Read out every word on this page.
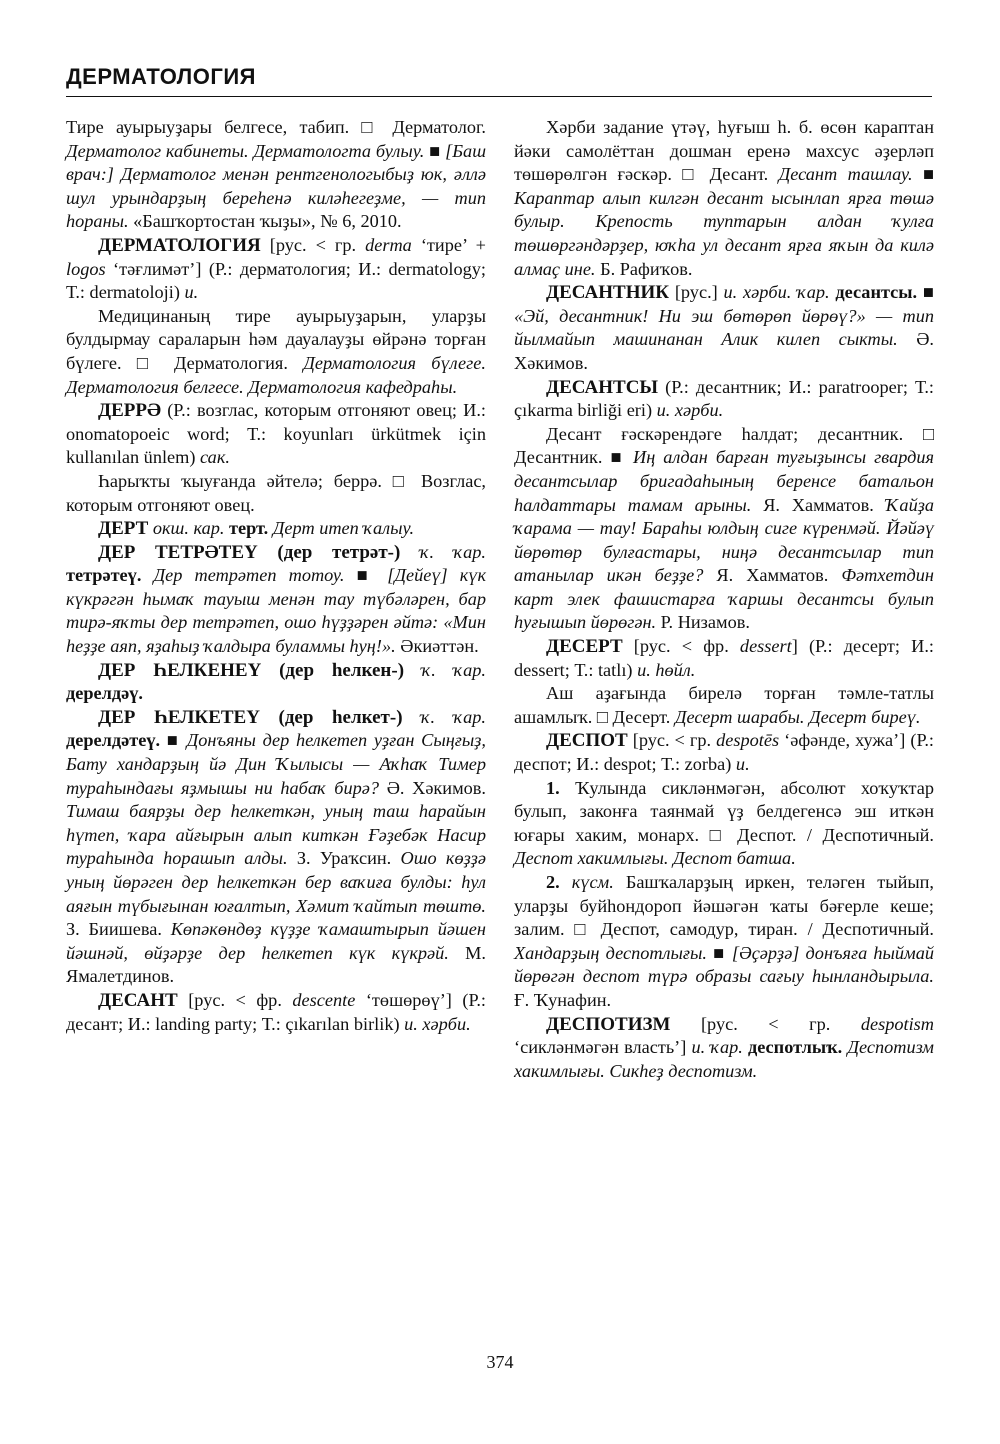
ДЕРМАТОЛОГИЯ

Тире ауырыуҙары белгесе, табип. □ Дерматолог. Дерматолог кабинеты. Дерматологта булыу. ■ [Баш врач:] Дерматолог менән рентгенологыбыҙ юк, әллә шул урындарҙың береһенә киләһегеҙме, — тип һораны. «Башҡортостан ҡыҙы», № 6, 2010.

ДЕРМАТОЛОГИЯ [рус. < гр. derma ‘тире’ + logos ‘тәғлимәт’] (Р.: дерматология; И.: dermatology; Т.: dermatoloji) и.

Медицинаның тире ауырыуҙарын, уларҙы булдырмау сараларын һәм дауалауҙы өйрәнә торған бүлеге. □ Дерматология. Дерматология бүлеге. Дерматология белгесе. Дерматология кафедраһы.

ДЕРРӘ (Р.: возглас, которым отгоняют овец; И.: onomatopoeic word; Т.: koyunları ürkütmek için kullanılan ünlem) сак.

Һарыҡты ҡыуғанда әйтелә; беррә. □ Возглас, которым отгоняют овец.

ДЕРТ окш. кар. терт. Дерт итеп ҡалыу.

ДЕР ТЕТРӘТЕҮ (дер тетрәт-) ҡ. ҡар. тетрәтеү. Дер тетрәтеп тотоу. ■ [Дейеү] күк күкрәгән һымаҡ тауыш менән тау түбәләрен, бар тирә-яҡты дер тетрәтеп, ошо һүҙҙәрен әйтә: «Мин һеҙҙе аяп, яҙаһыҙ ҡалдыра буламмы һуң!». Әкиәттән.

ДЕР ҺЕЛКЕНЕҮ (дер һелкен-) ҡ. ҡар. дерелдәү.

ДЕР ҺЕЛКЕТЕҮ (дер һелкет-) ҡ. ҡар. дерелдәтеү. ■ Донъяны дер һелкетеп уҙған Сыңғыҙ, Бату хандарҙың йә Дин Ҡылысы — Аҡһаҡ Тимер тураһындағы яҙмышы ни һабаҡ бирә? Ә. Хәкимов. Тимаш баярҙы дер һелкеткән, уның таш һарайын һүтеп, ҡара айғырын алып киткән Ғәҙебәк Насир тураһында һорашып алды. З. Ураҡсин. Ошо көҙҙә уның йөрәген дер һелкеткән бер ваҡиға булды: һул аяғын түбығынан юғалтып, Хәмит ҡайтып төштө. З. Биишева. Көпәкөндөҙ күҙҙе ҡамаштырып йәшен йәшнәй, өйҙәрҙе дер һелкетеп күк күкрәй. М. Ямалетдинов.

ДЕСАНТ [рус. < фр. descente ‘төшөрөү’] (Р.: десант; И.: landing party; Т.: çıkarılan birlik) и. хәрби.

Хәрби задание үтәү, һуғыш һ. б. өсөн карaптан йәки самолёттан дошман еренә махсус әҙерләп төшөрөлгән ғәскәр. □ Десант. Десант ташлау. ■ Карaптар алып килгән десант ысынлап ярға төшә булыр. Крепость туптарын алдан ҡулға төшөргәндәрҙер, юҡһа ул десант ярға яҡын да килә алмаҫ ине. Б. Рафиҡов.

ДЕСАНТНИК [рус.] и. хәрби. ҡар. десантсы. ■ «Эй, десантник! Ни эш бөтөрөп йөрөү?» — тип йылмайып машинанан Алик килеп сыкты. Ә. Хәкимов.

ДЕСАНТСЫ (Р.: десантник; И.: paratrooper; Т.: çıkarma birliği eri) и. хәрби.

Десант ғәскәрендәге һалдат; десантник. □ Десантник. ■ Иң алдан барған туғыҙынсы гвардия десантсылар бригадаһының беренсе батальон һалдаттары тамам арыны. Я. Хамматов. Ҡайҙа ҡарама — тау! Бараһы юлдың сиге күренмәй. Йәйәү йөрөтөр булғастары, ниңә десантсылар тип атанылар икән беҙҙе? Я. Хамматов. Фәтхетдин карт элек фашистарға ҡаршы десантсы булып һуғышып йөрөгән. Р. Низамов.

ДЕСЕРТ [рус. < фр. dessert] (Р.: десерт; И.: dessert; Т.: tatlı) и. һөйл.

Аш аҙағында бирелә торған тәмле-татлы ашамлыҡ. □ Десерт. Десерт шарабы. Десерт биреү.

ДЕСПОТ [рус. < гр. despotēs ‘әфәнде, хужа’] (Р.: деспот; И.: despot; Т.: zorba) и.

1. Ҡулында сикләнмәгән, абсолют хоҡуҡтар булып, законға таянмай үҙ белдегенсә эш иткән юғары хаким, монарх. □ Деспот. / Деспотичный. Деспот хакимлығы. Деспот батша.

2. күсм. Башҡаларҙың иркен, теләген тыйып, уларҙы буйһондороп йәшәгән ҡаты бәғерле кеше; залим. □ Деспот, самодур, тиран. / Деспотичный. Хандарҙың деспотлығы. ■ [Әҫәрҙә] донъяға һыймай йөрөгән деспот түрә образы сағыу һынландырыла. Ғ. Ҡунафин.

ДЕСПОТИЗМ [рус. < гр. despotism ‘сикләнмәгән власть’] и. ҡар. деспотлыҡ. Деспотизм хакимлығы. Сикһеҙ деспотизм.

374
